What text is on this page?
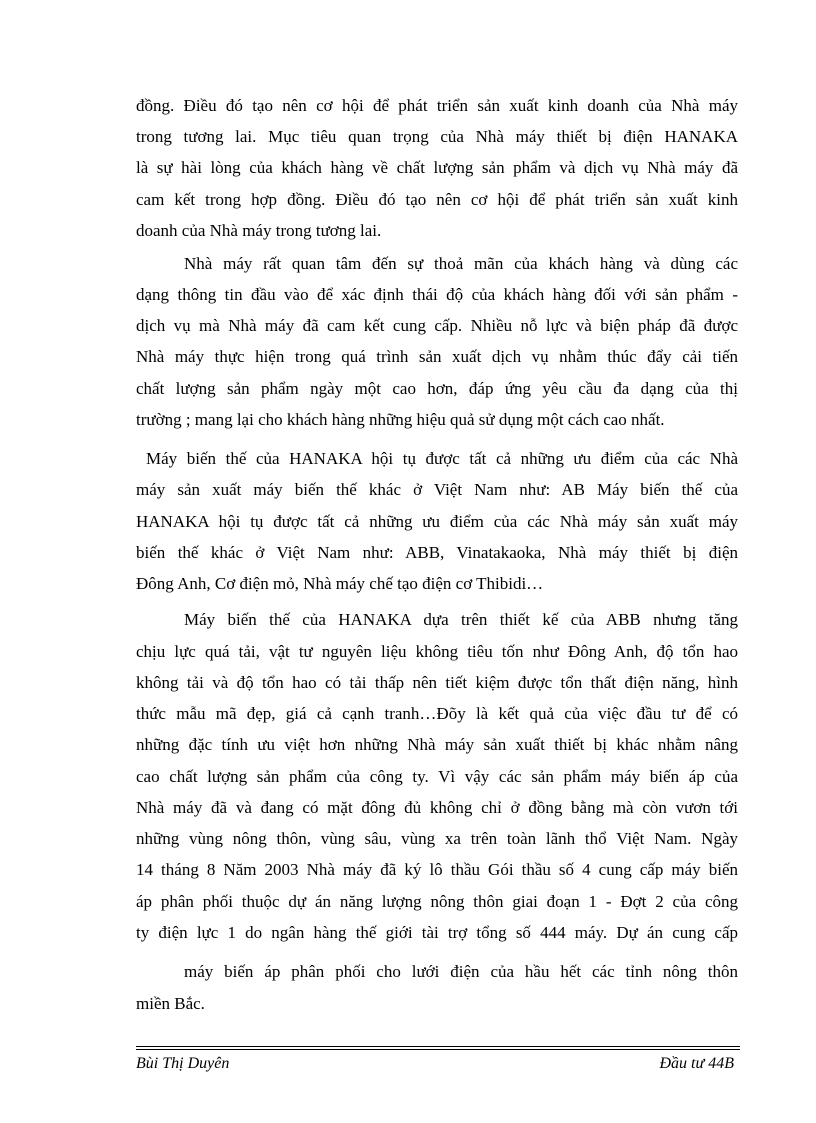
đồng. Điều đó tạo nên cơ hội để phát triển sản xuất kinh doanh của Nhà máy
trong tương lai. Mục tiêu quan trọng của Nhà máy thiết bị điện HANAKA
là sự hài lòng của khách hàng về chất lượng sản phẩm và dịch vụ Nhà máy đã
cam kết trong hợp đồng. Điều đó tạo nên cơ hội để phát triển sản xuất kinh
doanh của Nhà máy trong tương lai.
Nhà máy rất quan tâm đến sự thoả mãn của khách hàng và dùng các
dạng thông tin đầu vào để xác định thái độ của khách hàng đối với sản phẩm -
dịch vụ mà Nhà máy đã cam kết cung cấp. Nhiều nỗ lực và biện pháp đã được
Nhà máy thực hiện trong quá trình sản xuất dịch vụ nhằm thúc đẩy cải tiến
chất lượng sản phẩm ngày một cao hơn, đáp ứng yêu cầu đa dạng của thị
trường ; mang lại cho khách hàng những hiệu quả sử dụng một cách cao nhất.
Máy biến thế của HANAKA hội tụ được tất cả những ưu điểm của các Nhà
máy sản xuất máy biến thế khác ở Việt Nam như: AB Máy biến thế của
HANAKA hội tụ được tất cả những ưu điểm của các Nhà máy sản xuất máy
biến thế khác ở Việt Nam như: ABB, Vinatakaoka, Nhà máy thiết bị điện
Đông Anh, Cơ điện mỏ, Nhà máy chế tạo điện cơ Thibidi…
Máy biến thế của HANAKA dựa trên thiết kế của ABB nhưng tăng
chịu lực quá tải, vật tư nguyên liệu không tiêu tốn như Đông Anh, độ tổn hao
không tải và độ tổn hao có tải thấp nên tiết kiệm được tổn thất điện năng, hình
thức mẫu mã đẹp, giá cả cạnh tranh…Đõy là kết quả của việc đầu tư để có
những đặc tính ưu việt hơn những Nhà máy sản xuất thiết bị khác nhằm nâng
cao chất lượng sản phẩm của công ty. Vì vậy các sản phẩm máy biến áp của
Nhà máy đã và đang có mặt đông đủ không chỉ ở đồng bằng mà còn vươn tới
những vùng nông thôn, vùng sâu, vùng xa trên toàn lãnh thổ Việt Nam. Ngày
14 tháng 8 Năm 2003 Nhà máy đã ký lô thầu Gói thầu số 4 cung cấp máy biến
áp phân phối thuộc dự án năng lượng nông thôn giai đoạn 1 - Đợt 2 của công
ty điện lực 1 do ngân hàng thế giới tài trợ tổng số 444 máy. Dự án cung cấp
máy biến áp phân phối cho lưới điện của hầu hết các tỉnh nông thôn
miền Bắc.
Bùi Thị Duyên	Đầu tư 44B
